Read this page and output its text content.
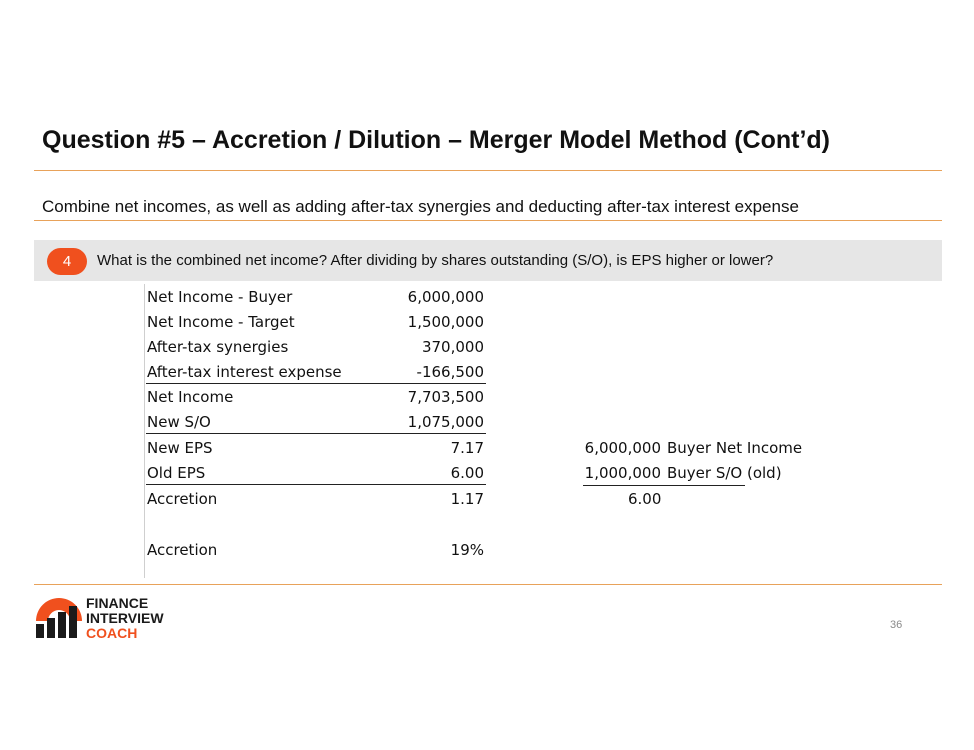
Question #5 – Accretion / Dilution – Merger Model Method (Cont’d)

Combine net incomes, as well as adding after-tax synergies and deducting after-tax interest expense

4	What is the combined net income? After dividing by shares outstanding (S/O), is EPS higher or lower?
Net Income - Buyer	6,000,000
Net Income - Target	1,500,000
After-tax synergies	370,000
After-tax interest expense	-166,500
Net Income	7,703,500
New S/O	1,075,000
New EPS	7.17
Old EPS	6.00
Accretion	1.17
Accretion	19%
6,000,000 Buyer Net Income
1,000,000 Buyer S/O (old)
6.00
FINANCE
INTERVIEW
COACH	36
